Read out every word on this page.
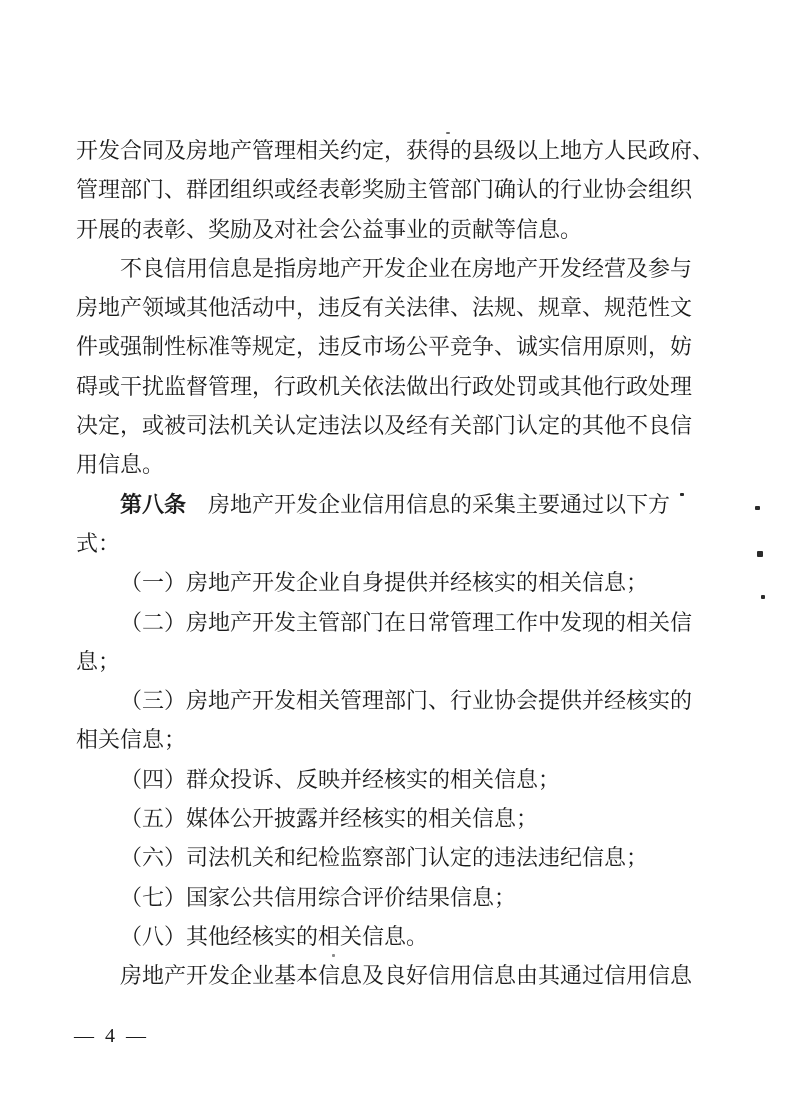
开发合同及房地产管理相关约定，获得的县级以上地方人民政府、
管理部门、群团组织或经表彰奖励主管部门确认的行业协会组织
开展的表彰、奖励及对社会公益事业的贡献等信息。
不良信用信息是指房地产开发企业在房地产开发经营及参与
房地产领域其他活动中，违反有关法律、法规、规章、规范性文
件或强制性标准等规定，违反市场公平竞争、诚实信用原则，妨
碍或干扰监督管理，行政机关依法做出行政处罚或其他行政处理
决定，或被司法机关认定违法以及经有关部门认定的其他不良信
用信息。
第八条　房地产开发企业信用信息的采集主要通过以下方
式：
（一）房地产开发企业自身提供并经核实的相关信息；
（二）房地产开发主管部门在日常管理工作中发现的相关信
息；
（三）房地产开发相关管理部门、行业协会提供并经核实的
相关信息；
（四）群众投诉、反映并经核实的相关信息；
（五）媒体公开披露并经核实的相关信息；
（六）司法机关和纪检监察部门认定的违法违纪信息；
（七）国家公共信用综合评价结果信息；
（八）其他经核实的相关信息。
房地产开发企业基本信息及良好信用信息由其通过信用信息
— 4 —
